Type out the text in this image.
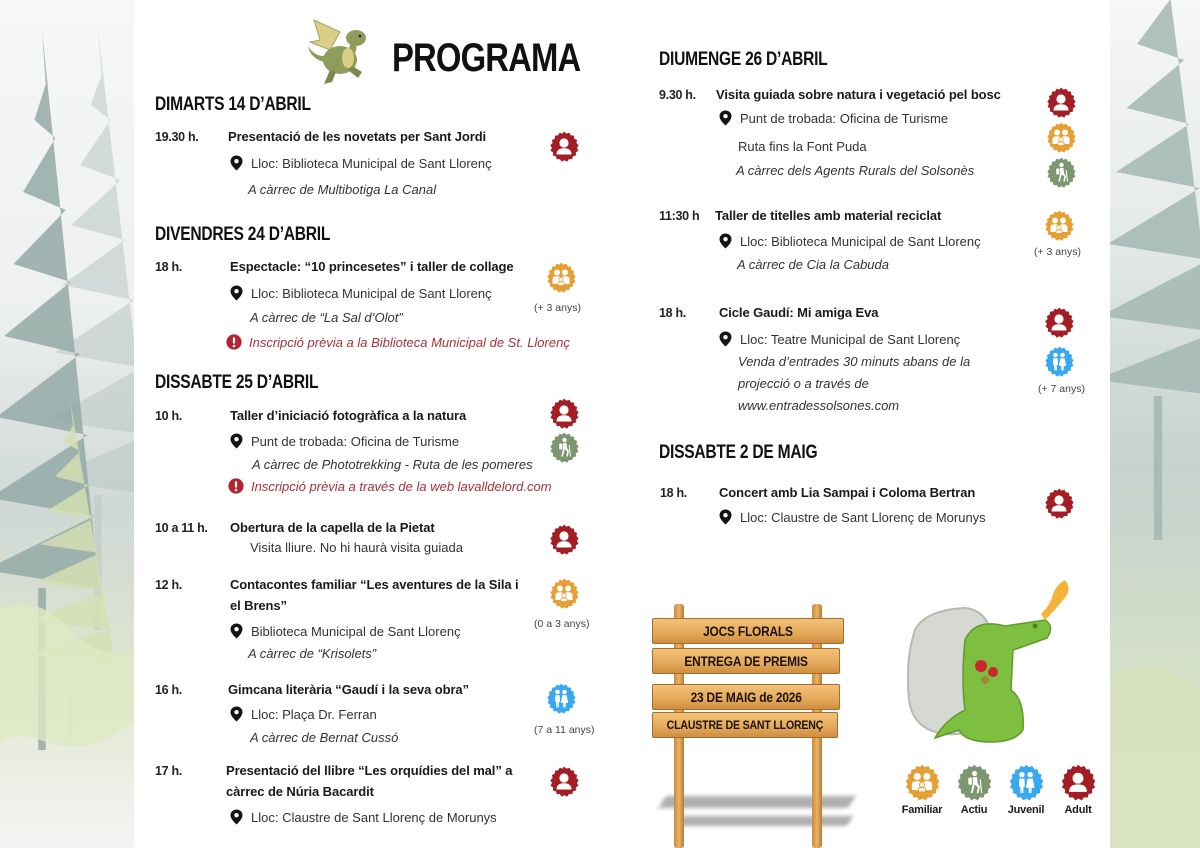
PROGRAMA
DIMARTS 14 D’ABRIL
19.30 h. Presentació de les novetats per Sant Jordi
Lloc: Biblioteca Municipal de Sant Llorenç
A càrrec de Multibotiga La Canal
DIVENDRES 24 D’ABRIL
18 h.	Espectacle: “10 princesetes” i taller de collage
Lloc: Biblioteca Municipal de Sant Llorenç
A càrrec de “La Sal d’Olot”
Inscripció prèvia a la Biblioteca Municipal de St. Llorenç
(+ 3 anys)
DISSABTE 25 D’ABRIL
10 h.	Taller d’iniciació fotogràfica a la natura
Punt de trobada: Oficina de Turisme
A càrrec de Phototrekking - Ruta de les pomeres
Inscripció prèvia a través de la web lavalldelord.com
10 a 11 h. Obertura de la capella de la Pietat
Visita lliure. No hi haurà visita guiada
12 h.	Contacontes familiar “Les aventures de la Sila i el Brens”
Biblioteca Municipal de Sant Llorenç
A càrrec de “Krisolets”
(0 a 3 anys)
16 h.	Gimcana literària “Gaudí i la seva obra”
Lloc: Plaça Dr. Ferran
A càrrec de Bernat Cussó	(7 a 11 anys)
17 h.	Presentació del llibre “Les orquídies del mal” a càrrec de Núria Bacardit
Lloc: Claustre de Sant Llorenç de Morunys
DIUMENGE 26 D’ABRIL
9.30 h. Visita guiada sobre natura i vegetació pel bosc
Punt de trobada: Oficina de Turisme
Ruta fins la Font Puda
A càrrec dels Agents Rurals del Solsonès
11:30 h Taller de titelles amb material reciclat
Lloc: Biblioteca Municipal de Sant Llorenç
A càrrec de Cia la Cabuda
(+ 3 anys)
18 h.	Cicle Gaudí: Mi amiga Eva
Lloc: Teatre Municipal de Sant Llorenç
Venda d’entrades 30 minuts abans de la projecció o a través de www.entradessolsones.com
(+ 7 anys)
DISSABTE 2 DE MAIG
18 h. Concert amb Lia Sampai i Coloma Bertran
Lloc: Claustre de Sant Llorenç de Morunys
JOCS FLORALS
ENTREGA DE PREMIS
23 DE MAIG de 2026
CLAUSTRE DE SANT LLORENÇ
Familiar Actiu Juvenil Adult
